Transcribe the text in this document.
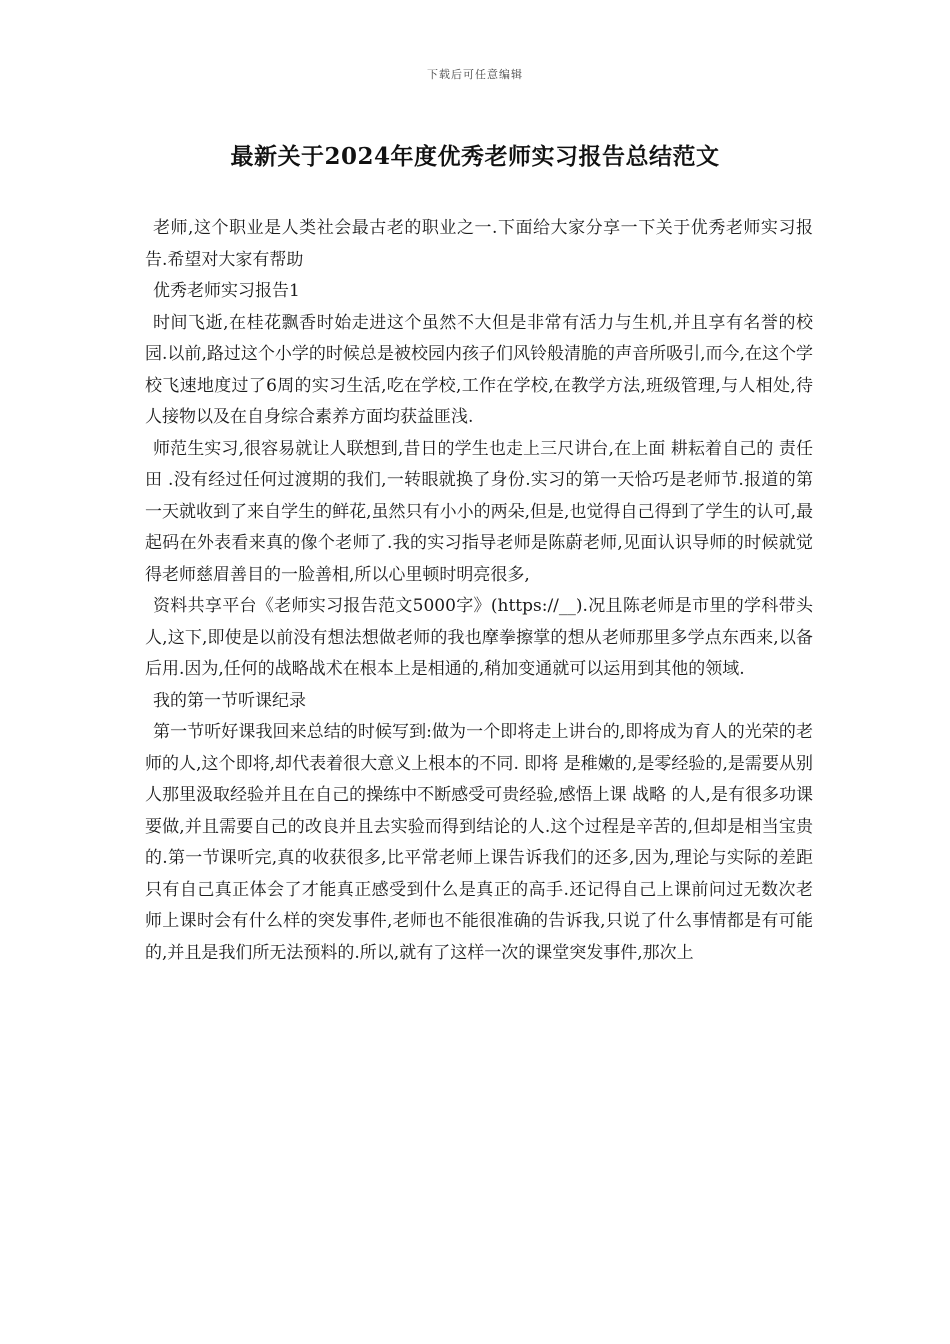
下载后可任意编辑
最新关于2024年度优秀老师实习报告总结范文

老师,这个职业是人类社会最古老的职业之一.下面给大家分享一下关于优秀老师实习报告.希望对大家有帮助

优秀老师实习报告1

时间飞逝,在桂花飘香时始走进这个虽然不大但是非常有活力与生机,并且享有名誉的校园.以前,路过这个小学的时候总是被校园内孩子们风铃般清脆的声音所吸引,而今,在这个学校飞速地度过了6周的实习生活,吃在学校,工作在学校,在教学方法,班级管理,与人相处,待人接物以及在自身综合素养方面均获益匪浅.

师范生实习,很容易就让人联想到,昔日的学生也走上三尺讲台,在上面 耕耘着自己的 责任田 .没有经过任何过渡期的我们,一转眼就换了身份.实习的第一天恰巧是老师节.报道的第一天就收到了来自学生的鲜花,虽然只有小小的两朵,但是,也觉得自己得到了学生的认可,最起码在外表看来真的像个老师了.我的实习指导老师是陈蔚老师,见面认识导师的时候就觉得老师慈眉善目的一脸善相,所以心里顿时明亮很多,

资料共享平台《老师实习报告范文5000字》(https://__).况且陈老师是市里的学科带头人,这下,即使是以前没有想法想做老师的我也摩拳擦掌的想从老师那里多学点东西来,以备后用.因为,任何的战略战术在根本上是相通的,稍加变通就可以运用到其他的领域.

我的第一节听课纪录

第一节听好课我回来总结的时候写到:做为一个即将走上讲台的,即将成为育人的光荣的老师的人,这个即将,却代表着很大意义上根本的不同. 即将 是稚嫩的,是零经验的,是需要从别人那里汲取经验并且在自己的操练中不断感受可贵经验,感悟上课 战略 的人,是有很多功课要做,并且需要自己的改良并且去实验而得到结论的人.这个过程是辛苦的,但却是相当宝贵的.第一节课听完,真的收获很多,比平常老师上课告诉我们的还多,因为,理论与实际的差距只有自己真正体会了才能真正感受到什么是真正的高手.还记得自己上课前问过无数次老师上课时会有什么样的突发事件,老师也不能很准确的告诉我,只说了什么事情都是有可能的,并且是我们所无法预料的.所以,就有了这样一次的课堂突发事件,那次上
